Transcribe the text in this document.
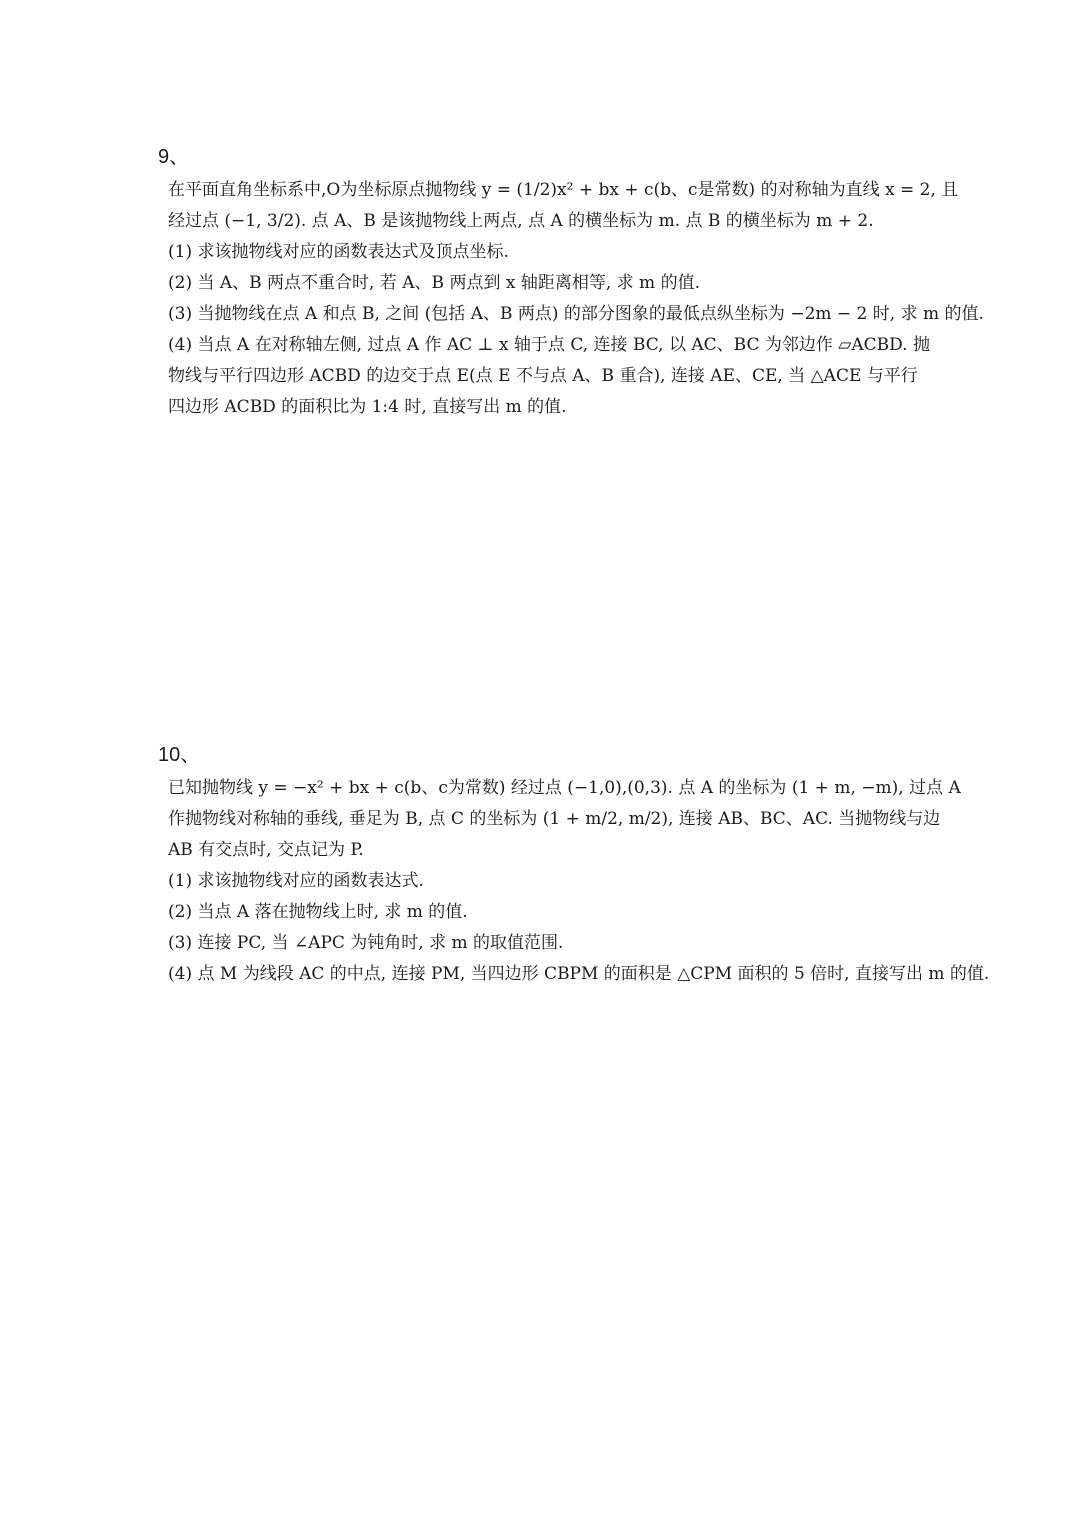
9、
在平面直角坐标系中,O为坐标原点抛物线 y = (1/2)x² + bx + c(b、c是常数) 的对称轴为直线 x = 2, 且
经过点 (−1, 3/2). 点 A、B 是该抛物线上两点, 点 A 的横坐标为 m. 点 B 的横坐标为 m + 2.
(1) 求该抛物线对应的函数表达式及顶点坐标.
(2) 当 A、B 两点不重合时, 若 A、B 两点到 x 轴距离相等, 求 m 的值.
(3) 当抛物线在点 A 和点 B, 之间 (包括 A、B 两点) 的部分图象的最低点纵坐标为 −2m − 2 时, 求 m 的值.
(4) 当点 A 在对称轴左侧, 过点 A 作 AC ⊥ x 轴于点 C, 连接 BC, 以 AC、BC 为邻边作 ▱ACBD. 抛
物线与平行四边形 ACBD 的边交于点 E(点 E 不与点 A、B 重合), 连接 AE、CE, 当 △ACE 与平行
四边形 ACBD 的面积比为 1:4 时, 直接写出 m 的值.
10、
已知抛物线 y = −x² + bx + c(b、c为常数) 经过点 (−1,0),(0,3). 点 A 的坐标为 (1 + m, −m), 过点 A
作抛物线对称轴的垂线, 垂足为 B, 点 C 的坐标为 (1 + m/2, m/2), 连接 AB、BC、AC. 当抛物线与边
AB 有交点时, 交点记为 P.
(1) 求该抛物线对应的函数表达式.
(2) 当点 A 落在抛物线上时, 求 m 的值.
(3) 连接 PC, 当 ∠APC 为钝角时, 求 m 的取值范围.
(4) 点 M 为线段 AC 的中点, 连接 PM, 当四边形 CBPM 的面积是 △CPM 面积的 5 倍时, 直接写出 m 的值.
